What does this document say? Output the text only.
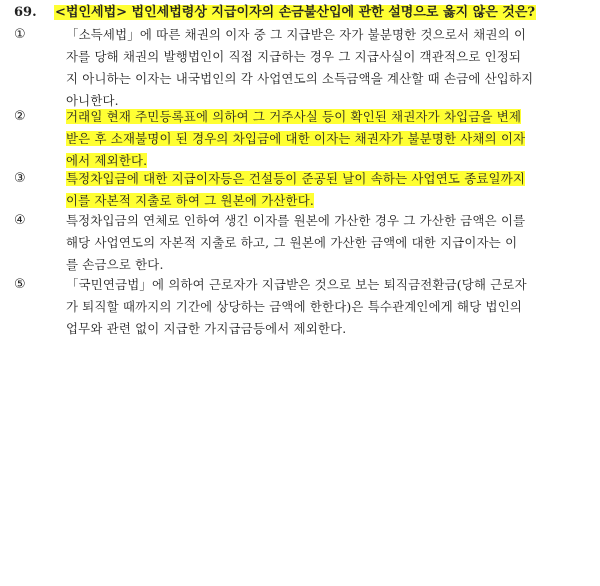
69. <법인세법> 법인세법령상 지급이자의 손금불산입에 관한 설명으로 옳지 않은 것은?
①	「소득세법」에 따른 채권의 이자 중 그 지급받은 자가 불분명한 것으로서 채권의 이
자를 당해 채권의 발행법인이 직접 지급하는 경우 그 지급사실이 객관적으로 인정되
지 아니하는 이자는 내국법인의 각 사업연도의 소득금액을 계산할 때 손금에 산입하지
아니한다.
②	거래일 현재 주민등록표에 의하여 그 거주사실 등이 확인된 채권자가 차입금을 변제
받은 후 소재불명이 된 경우의 차입금에 대한 이자는 채권자가 불분명한 사채의 이자
에서 제외한다.
③	특정차입금에 대한 지급이자등은 건설등이 준공된 날이 속하는 사업연도 종료일까지
이를 자본적 지출로 하여 그 원본에 가산한다.
④	특정차입금의 연체로 인하여 생긴 이자를 원본에 가산한 경우 그 가산한 금액은 이를
해당 사업연도의 자본적 지출로 하고, 그 원본에 가산한 금액에 대한 지급이자는 이
를 손금으로 한다.
⑤	「국민연금법」에 의하여 근로자가 지급받은 것으로 보는 퇴직금전환금(당해 근로자
가 퇴직할 때까지의 기간에 상당하는 금액에 한한다)은 특수관계인에게 해당 법인의
업무와 관련 없이 지급한 가지급금등에서 제외한다.
